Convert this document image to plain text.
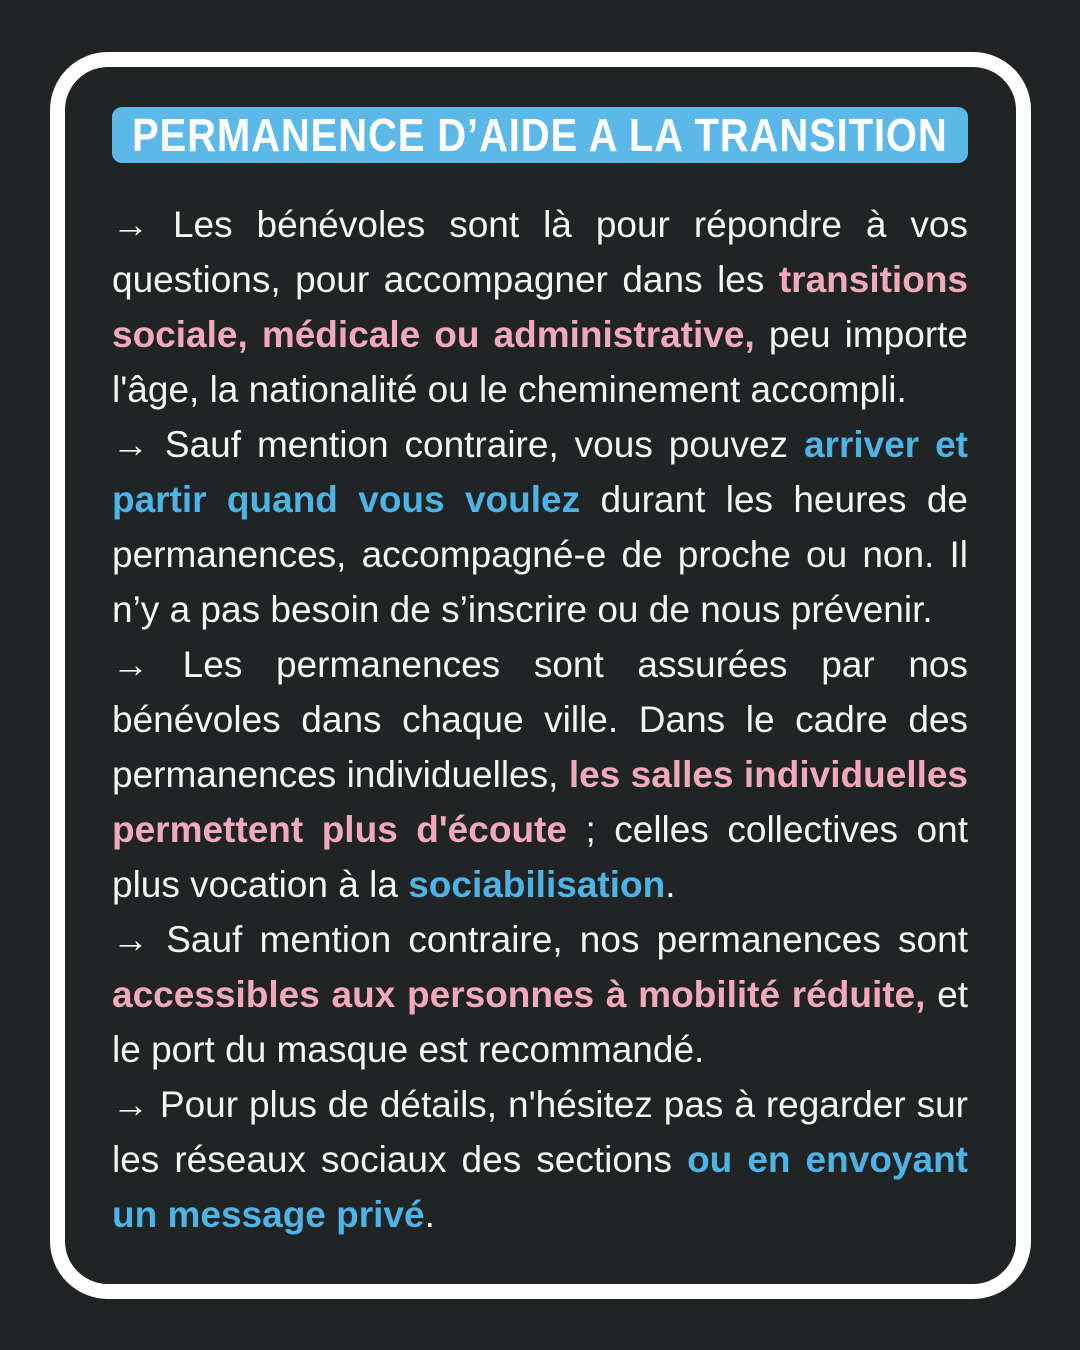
PERMANENCE D’AIDE A LA TRANSITION

→ Les bénévoles sont là pour répondre à vos questions, pour accompagner dans les transitions sociale, médicale ou administrative, peu importe l'âge, la nationalité ou le cheminement accompli.

→ Sauf mention contraire, vous pouvez arriver et partir quand vous voulez durant les heures de permanences, accompagné-e de proche ou non. Il n’y a pas besoin de s’inscrire ou de nous prévenir.

→ Les permanences sont assurées par nos bénévoles dans chaque ville. Dans le cadre des permanences individuelles, les salles individuelles permettent plus d'écoute ; celles collectives ont plus vocation à la sociabilisation.

→ Sauf mention contraire, nos permanences sont accessibles aux personnes à mobilité réduite, et le port du masque est recommandé.

→ Pour plus de détails, n'hésitez pas à regarder sur les réseaux sociaux des sections ou en envoyant un message privé.
